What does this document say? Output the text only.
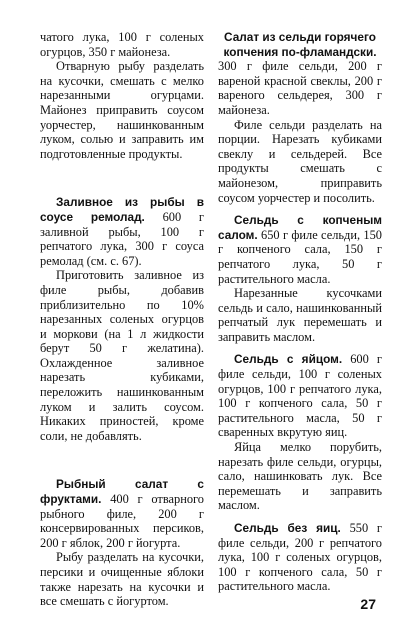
чатого лука, 100 г соленых огурцов, 350 г майонеза.

Отварную рыбу разделать на кусочки, смешать с мелко нарезанными огурцами. Майонез приправить соусом уорчестер, нашинкованным луком, солью и заправить им подготовленные продукты.

Заливное из рыбы в соусе ремолад. 600 г заливной рыбы, 100 г репчатого лука, 300 г соуса ремолад (см. с. 67).

Приготовить заливное из филе рыбы, добавив приблизительно по 10% нарезанных соленых огурцов и моркови (на 1 л жидкости берут 50 г желатина). Охлажденное заливное нарезать кубиками, переложить нашинкованным луком и залить соусом. Никаких приностей, кроме соли, не добавлять.

Рыбный салат с фруктами. 400 г отварного рыбного филе, 200 г консервированных персиков, 200 г яблок, 200 г йогурта.

Рыбу разделать на кусочки, персики и очищенные яблоки также нарезать на кусочки и все смешать с йогуртом.

Салат из сельди горячего копчения по-фламандски.

300 г филе сельди, 200 г вареной красной свеклы, 200 г вареного сельдерея, 300 г майонеза.

Филе сельди разделать на порции. Нарезать кубиками свеклу и сельдерей. Все продукты смешать с майонезом, приправить соусом уорчестер и посолить.

Сельдь с копченым салом. 650 г филе сельди, 150 г копченого сала, 150 г репчатого лука, 50 г растительного масла.

Нарезанные кусочками сельдь и сало, нашинкованный репчатый лук перемешать и заправить маслом.

Сельдь с яйцом. 600 г филе сельди, 100 г соленых огурцов, 100 г репчатого лука, 100 г копченого сала, 50 г растительного масла, 50 г сваренных вкрутую яиц.

Яйца мелко порубить, нарезать филе сельди, огурцы, сало, нашинковать лук. Все перемешать и заправить маслом.

Сельдь без яиц. 550 г филе сельди, 200 г репчатого лука, 100 г соленых огурцов, 100 г копченого сала, 50 г растительного масла.

27
